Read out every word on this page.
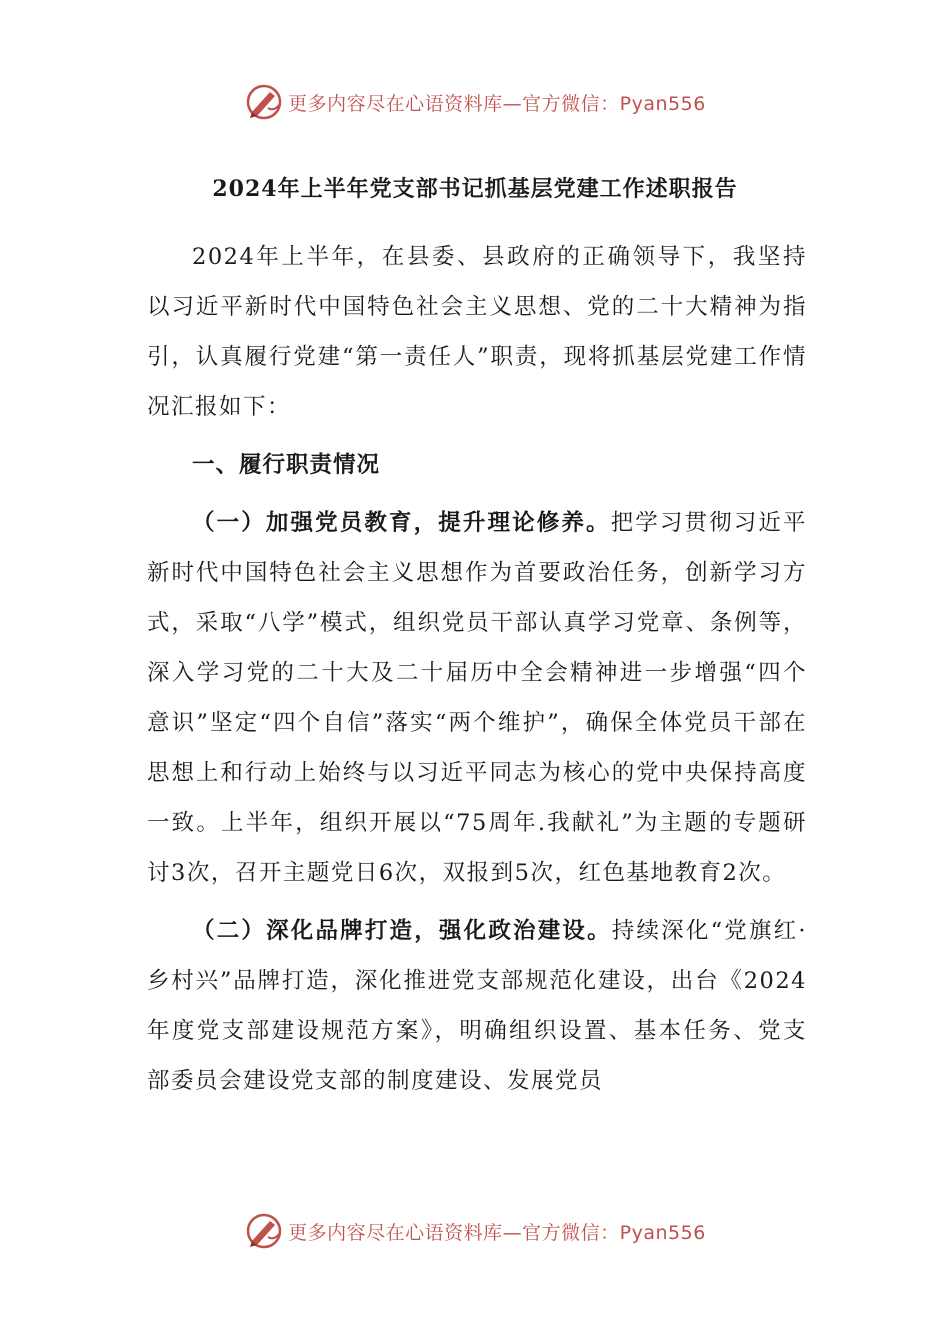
更多内容尽在心语资料库—官方微信：Pyan556
2024年上半年党支部书记抓基层党建工作述职报告

2024年上半年，在县委、县政府的正确领导下，我坚持以习近平新时代中国特色社会主义思想、党的二十大精神为指引，认真履行党建“第一责任人”职责，现将抓基层党建工作情况汇报如下：

一、履行职责情况

（一）加强党员教育，提升理论修养。把学习贯彻习近平新时代中国特色社会主义思想作为首要政治任务，创新学习方式，采取“八学”模式，组织党员干部认真学习党章、条例等，深入学习党的二十大及二十届历中全会精神进一步增强“四个意识”坚定“四个自信”落实“两个维护”，确保全体党员干部在思想上和行动上始终与以习近平同志为核心的党中央保持高度一致。上半年，组织开展以“75周年.我献礼”为主题的专题研讨3次，召开主题党日6次，双报到5次，红色基地教育2次。

（二）深化品牌打造，强化政治建设。持续深化“党旗红·乡村兴”品牌打造，深化推进党支部规范化建设，出台《2024年度党支部建设规范方案》，明确组织设置、基本任务、党支部委员会建设党支部的制度建设、发展党员

更多内容尽在心语资料库—官方微信：Pyan556
